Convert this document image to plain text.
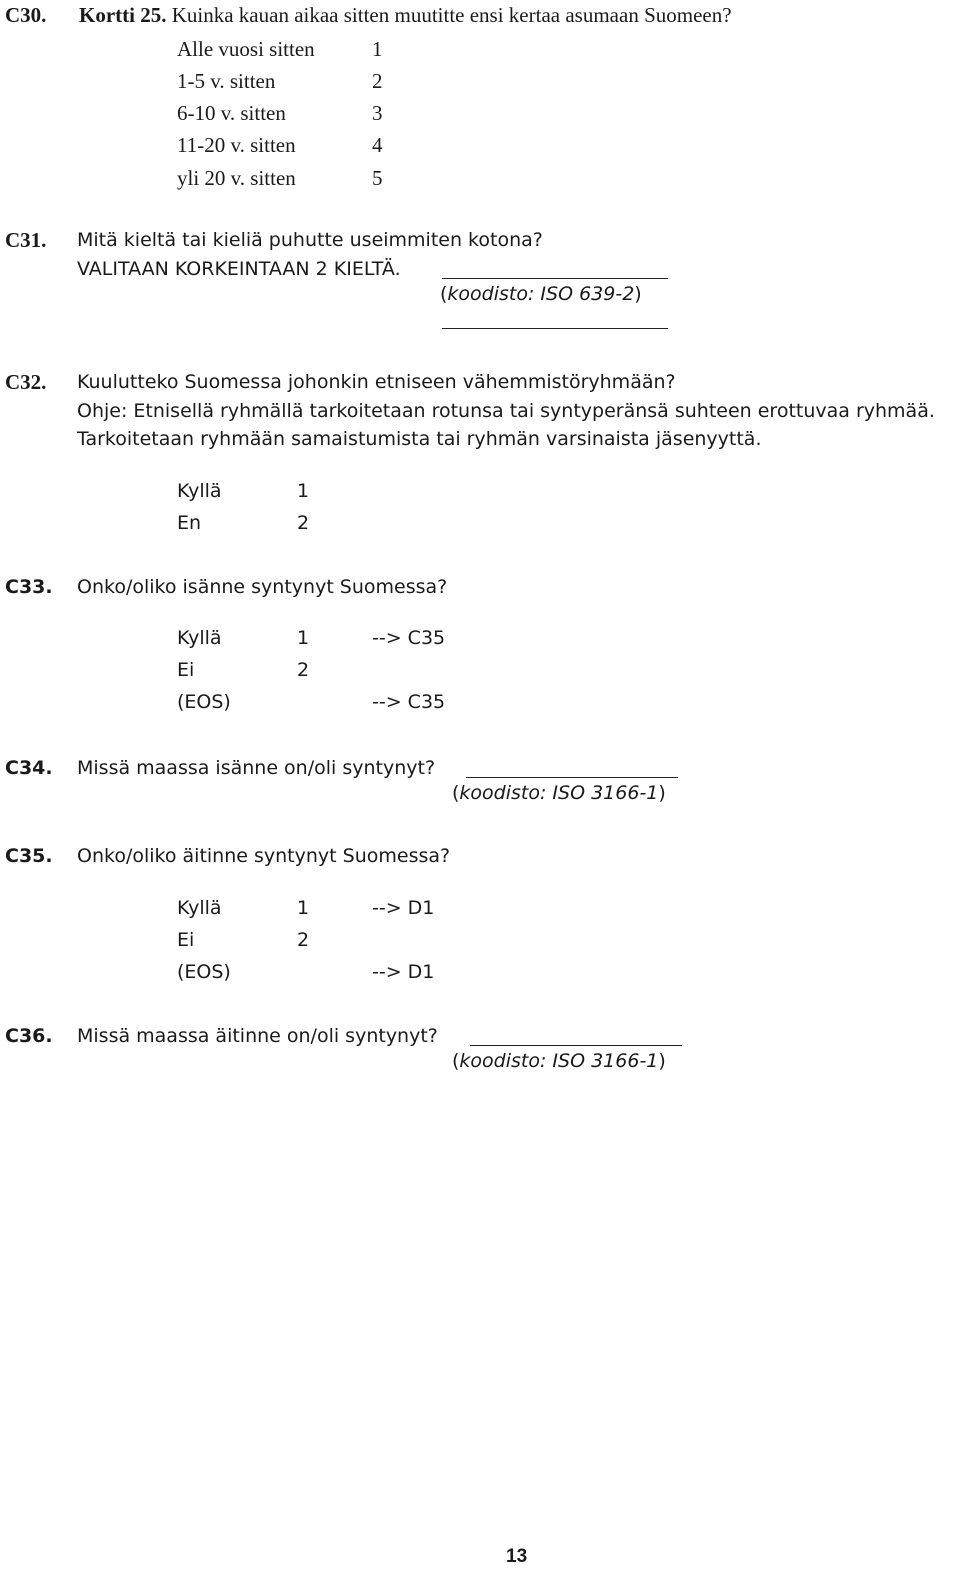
C30. Kortti 25. Kuinka kauan aikaa sitten muutitte ensi kertaa asumaan Suomeen?
Alle vuosi sitten	1
1-5 v. sitten	2
6-10 v. sitten	3
11-20 v. sitten	4
yli 20 v. sitten	5
C31. Mitä kieltä tai kieliä puhutte useimmiten kotona?
VALITAAN KORKEINTAAN 2 KIELTÄ.
(koodisto: ISO 639-2)
C32. Kuulutteko Suomessa johonkin etniseen vähemmistöryhmään?
Ohje: Etnisellä ryhmällä tarkoitetaan rotunsa tai syntyperänsä suhteen erottuvaa ryhmää.
Tarkoitetaan ryhmään samaistumista tai ryhmän varsinaista jäsenyyttä.
Kyllä	1
En	2
C33. Onko/oliko isänne syntynyt Suomessa?
Kyllä	1	--> C35
Ei	2
(EOS)	--> C35
C34. Missä maassa isänne on/oli syntynyt?
(koodisto: ISO 3166-1)
C35. Onko/oliko äitinne syntynyt Suomessa?
Kyllä	1	--> D1
Ei	2
(EOS)	--> D1
C36. Missä maassa äitinne on/oli syntynyt?
(koodisto: ISO 3166-1)
13
